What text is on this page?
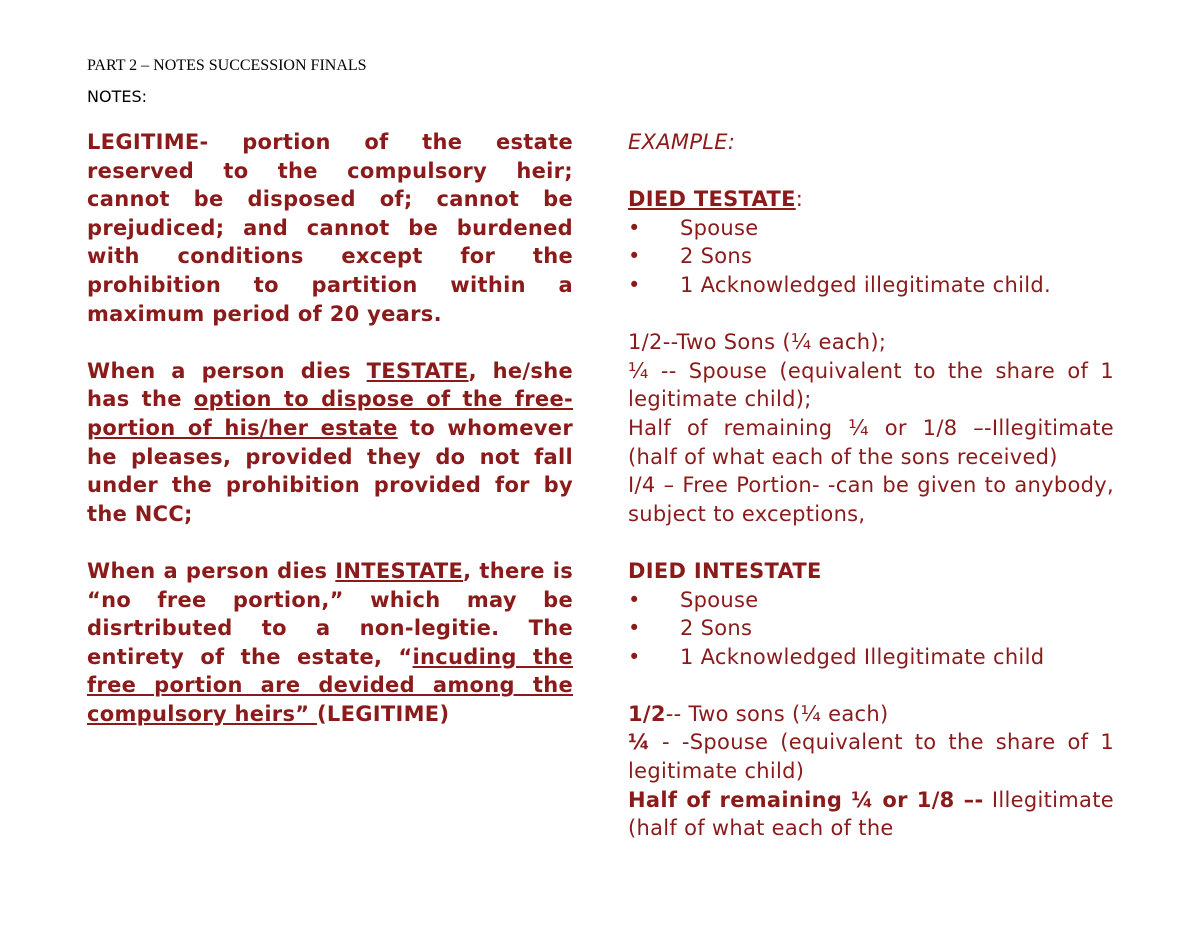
PART 2 – NOTES SUCCESSION FINALS

NOTES:

LEGITIME- portion of the estate reserved to the compulsory heir; cannot be disposed of; cannot be prejudiced; and cannot be burdened with conditions except for the prohibition to partition within a maximum period of 20 years.

When a person dies TESTATE, he/she has the option to dispose of the free-portion of his/her estate to whomever he pleases, provided they do not fall under the prohibition provided for by the NCC;

When a person dies INTESTATE, there is “no free portion,” which may be disrtributed to a non-legitie. The entirety of the estate, “incuding the free portion are devided among the compulsory heirs” (LEGITIME)

EXAMPLE:

DIED TESTATE:
• Spouse
• 2 Sons
• 1 Acknowledged illegitimate child.

1/2--Two Sons (¼ each);
¼ -- Spouse (equivalent to the share of 1 legitimate child);
Half of remaining ¼ or 1/8 –-Illegitimate (half of what each of the sons received)
I/4 – Free Portion- -can be given to anybody, subject to exceptions,

DIED INTESTATE
• Spouse
• 2 Sons
• 1 Acknowledged Illegitimate child

1/2-- Two sons (¼ each)
¼ - -Spouse (equivalent to the share of 1 legitimate child)
Half of remaining ¼ or 1/8 –- Illegitimate (half of what each of the
